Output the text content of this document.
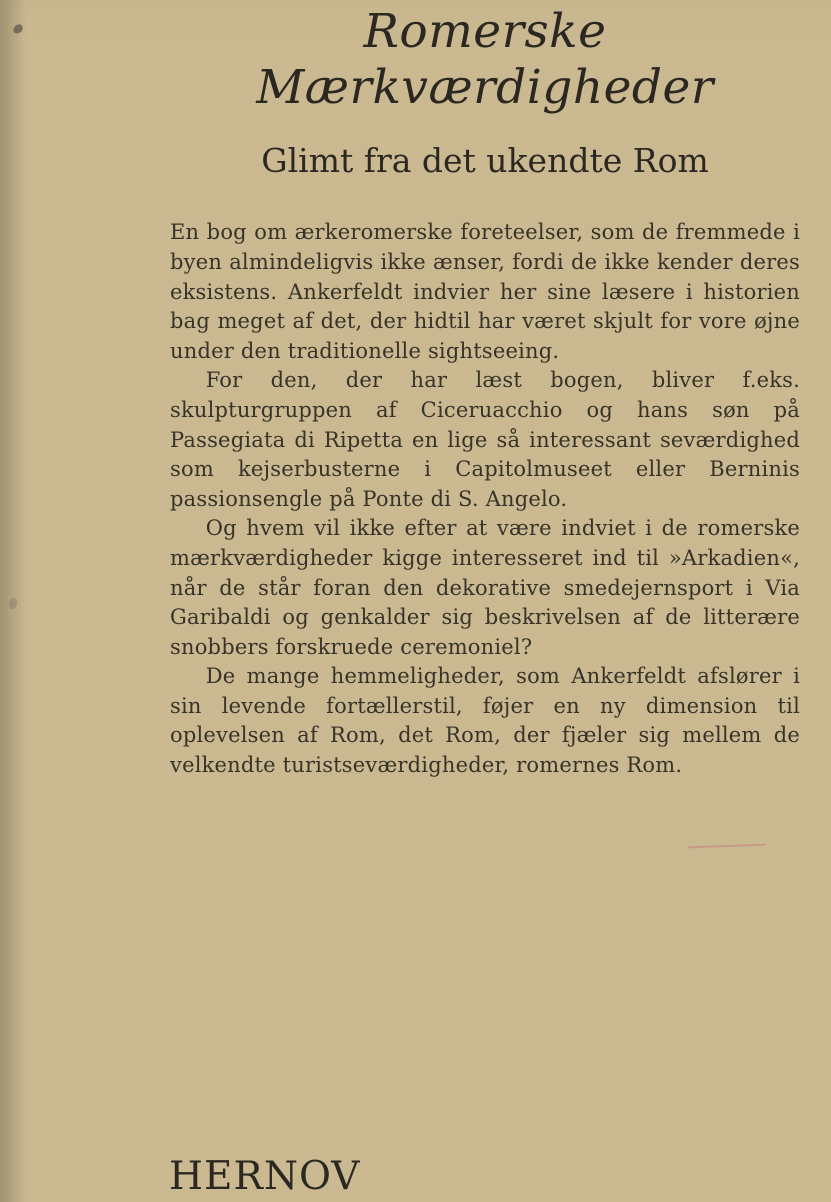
Romerske Mærkværdigheder
Glimt fra det ukendte Rom

En bog om ærkeromerske foreteelser, som de fremmede i byen almindeligvis ikke ænser, fordi de ikke kender deres eksistens. Ankerfeldt indvier her sine læsere i historien bag meget af det, der hidtil har været skjult for vore øjne under den traditionelle sightseeing.

For den, der har læst bogen, bliver f.eks. skulpturgruppen af Ciceruacchio og hans søn på Passegiata di Ripetta en lige så interessant seværdighed som kejserbusterne i Capitolmuseet eller Berninis passionsengle på Ponte di S. Angelo.

Og hvem vil ikke efter at være indviet i de romerske mærkværdigheder kigge interesseret ind til »Arkadien«, når de står foran den dekorative smedejernsport i Via Garibaldi og genkalder sig beskrivelsen af de litterære snobbers forskruede ceremoniel?

De mange hemmeligheder, som Ankerfeldt afslører i sin levende fortællerstil, føjer en ny dimension til oplevelsen af Rom, det Rom, der fjæler sig mellem de velkendte turistseværdigheder, romernes Rom.

HERNOV
